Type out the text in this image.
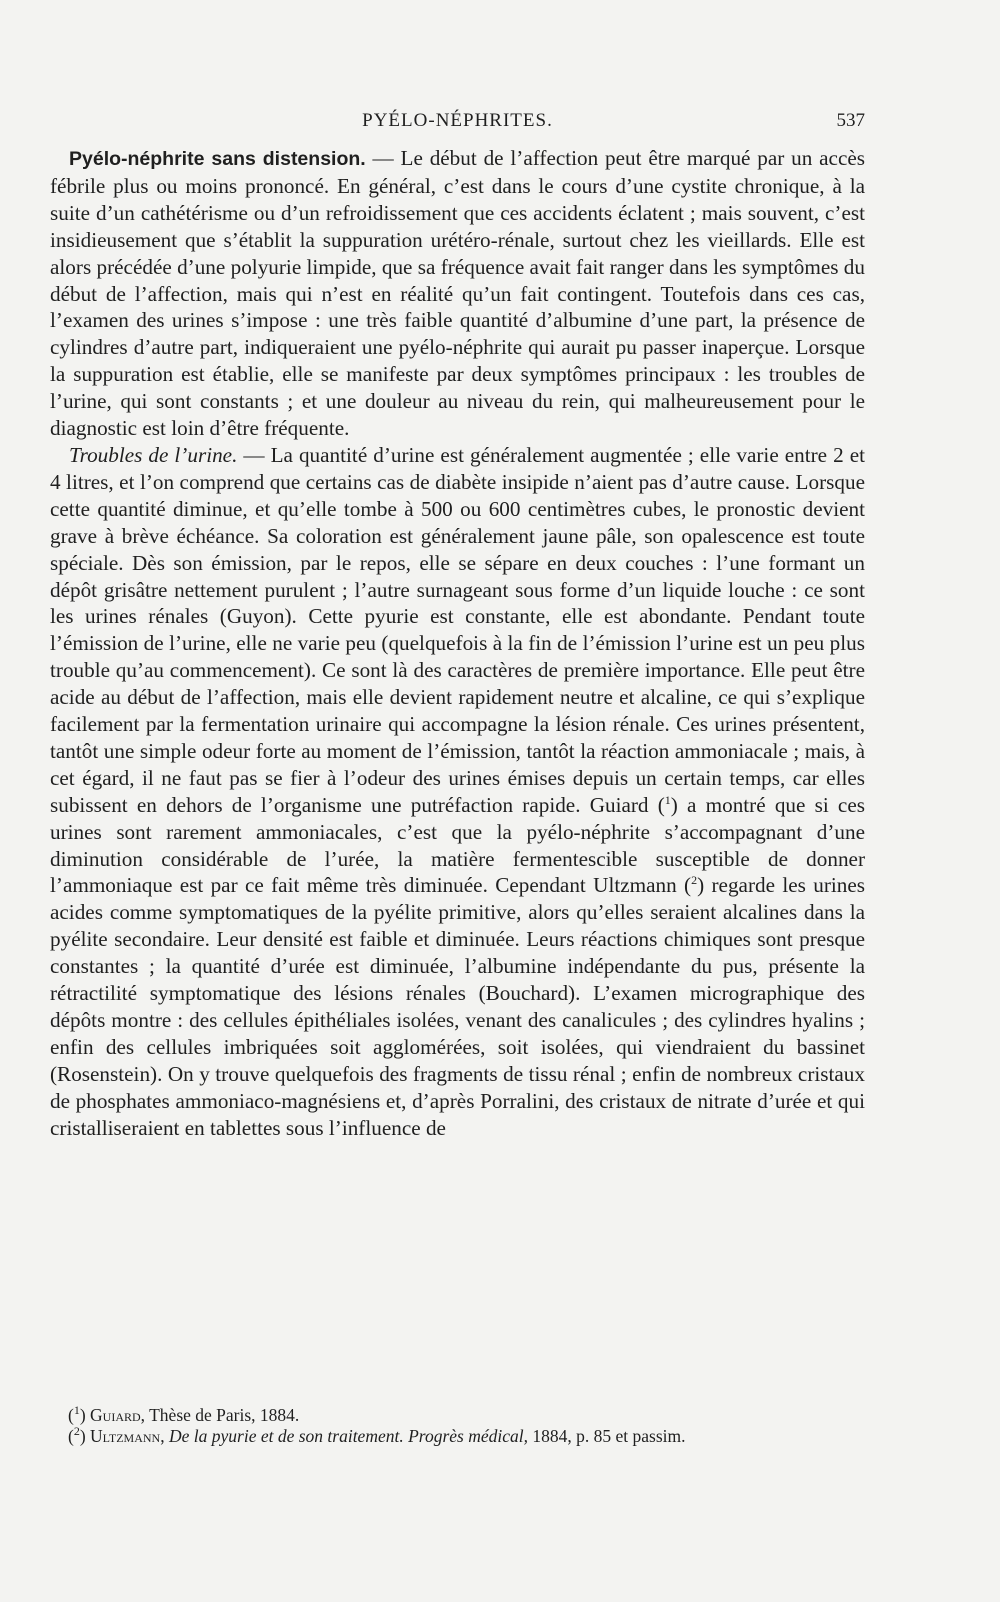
PYÉLO-NÉPHRITES.	537

Pyélo-néphrite sans distension. — Le début de l’affection peut être marqué par un accès fébrile plus ou moins prononcé. En général, c’est dans le cours d’une cystite chronique, à la suite d’un cathétérisme ou d’un refroidissement que ces accidents éclatent ; mais souvent, c’est insidieusement que s’établit la suppuration urétéro-rénale, surtout chez les vieillards. Elle est alors précédée d’une polyurie limpide, que sa fréquence avait fait ranger dans les symptômes du début de l’affection, mais qui n’est en réalité qu’un fait contingent. Toutefois dans ces cas, l’examen des urines s’impose : une très faible quantité d’albumine d’une part, la présence de cylindres d’autre part, indiqueraient une pyélo-néphrite qui aurait pu passer inaperçue. Lorsque la suppuration est établie, elle se manifeste par deux symptômes principaux : les troubles de l’urine, qui sont constants ; et une douleur au niveau du rein, qui malheureusement pour le diagnostic est loin d’être fréquente.

Troubles de l’urine. — La quantité d’urine est généralement augmentée ; elle varie entre 2 et 4 litres, et l’on comprend que certains cas de diabète insipide n’aient pas d’autre cause. Lorsque cette quantité diminue, et qu’elle tombe à 500 ou 600 centimètres cubes, le pronostic devient grave à brève échéance. Sa coloration est généralement jaune pâle, son opalescence est toute spéciale. Dès son émission, par le repos, elle se sépare en deux couches : l’une formant un dépôt grisâtre nettement purulent ; l’autre surnageant sous forme d’un liquide louche : ce sont les urines rénales (Guyon). Cette pyurie est constante, elle est abondante. Pendant toute l’émission de l’urine, elle ne varie peu (quelquefois à la fin de l’émission l’urine est un peu plus trouble qu’au commencement). Ce sont là des caractères de première importance. Elle peut être acide au début de l’affection, mais elle devient rapidement neutre et alcaline, ce qui s’explique facilement par la fermentation urinaire qui accompagne la lésion rénale. Ces urines présentent, tantôt une simple odeur forte au moment de l’émission, tantôt la réaction ammoniacale ; mais, à cet égard, il ne faut pas se fier à l’odeur des urines émises depuis un certain temps, car elles subissent en dehors de l’organisme une putréfaction rapide. Guiard ($^1$) a montré que si ces urines sont rarement ammoniacales, c’est que la pyélo-néphrite s’accompagnant d’une diminution considérable de l’urée, la matière fermentescible susceptible de donner l’ammoniaque est par ce fait même très diminuée. Cependant Ultzmann ($^2$) regarde les urines acides comme symptomatiques de la pyélite primitive, alors qu’elles seraient alcalines dans la pyélite secondaire. Leur densité est faible et diminuée. Leurs réactions chimiques sont presque constantes ; la quantité d’urée est diminuée, l’albumine indépendante du pus, présente la rétractilité symptomatique des lésions rénales (Bouchard). L’examen micrographique des dépôts montre : des cellules épithéliales isolées, venant des canalicules ; des cylindres hyalins ; enfin des cellules imbriquées soit agglomérées, soit isolées, qui viendraient du bassinet (Rosenstein). On y trouve quelquefois des fragments de tissu rénal ; enfin de nombreux cristaux de phosphates ammoniaco-magnésiens et, d’après Porralini, des cristaux de nitrate d’urée et qui cristalliseraient en tablettes sous l’influence de

($^1$) Guiard, Thèse de Paris, 1884.

($^2$) Ultzmann, De la pyurie et de son traitement. Progrès médical, 1884, p. 85 et passim.
